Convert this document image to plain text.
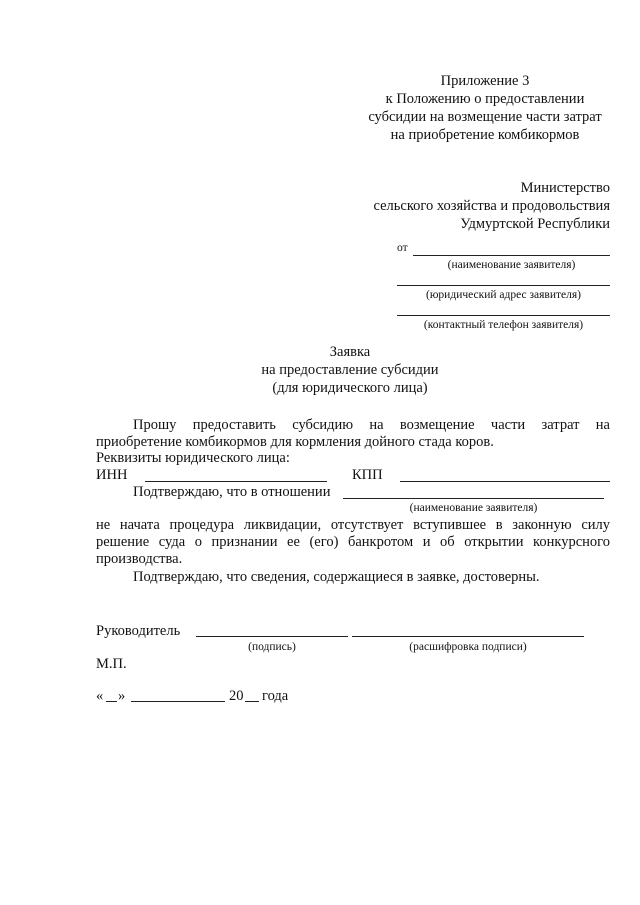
Приложение 3
к Положению о предоставлении
субсидии на возмещение части затрат
на приобретение комбикормов
Министерство
сельского хозяйства и продовольствия
Удмуртской Республики
от
(наименование заявителя)
(юридический адрес заявителя)
(контактный телефон заявителя)
Заявка
на предоставление субсидии
(для юридического лица)
Прошу предоставить субсидию на возмещение части затрат на
приобретение комбикормов для кормления дойного стада коров.
Реквизиты юридического лица:
ИНН	КПП
Подтверждаю, что в отношении
(наименование заявителя)
не начата процедура ликвидации, отсутствует вступившее в законную силу
решение суда о признании ее (его) банкротом и об открытии конкурсного
производства.
Подтверждаю, что сведения, содержащиеся в заявке, достоверны.
Руководитель
(подпись)	(расшифровка подписи)
М.П.
« »	20 года
